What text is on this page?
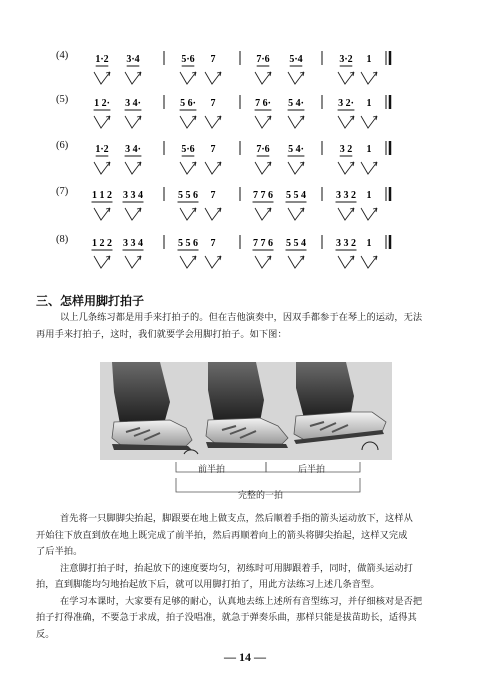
(4)	1·2 3·4	5·6 7	7·6 5·4	3·2 1
(5)	1 2· 3 4·	5 6· 7	7 6· 5 4·	3 2· 1
(6)	1·2 3 4·	5·6 7	7·6 5 4·	3 2 1
(7) 1 1 2 3 3 4	5 5 6 7	7 7 6 5 5 4	3 3 2 1
(8) 1 2 2 3 3 4	5 5 6 7	7 7 6 5 5 4	3 3 2 1
三、怎样用脚打拍子
以上几条练习都是用手来打拍子的。但在吉他演奏中，因双手都参于在琴上的运动，无法
再用手来打拍子，这时，我们就要学会用脚打拍子。如下图：
前半拍	后半拍
完整的一拍
首先将一只脚脚尖抬起，脚跟要在地上做支点，然后顺着手指的箭头运动放下，这样从
开始往下放直到放在地上既完成了前半拍，然后再顺着向上的箭头将脚尖抬起，这样又完成
了后半拍。
注意脚打拍子时，抬起放下的速度要均匀，初练时可用脚跟着手，同时，做箭头运动打
拍，直到脚能均匀地抬起放下后，就可以用脚打拍了，用此方法练习上述几条音型。
在学习本课时，大家要有足够的耐心，认真地去练上述所有音型练习，并仔细核对是否把
拍子打得准确，不要急于求成，拍子没唱准，就急于弹奏乐曲，那样只能是拔苗助长，适得其
反。
— 14 —
